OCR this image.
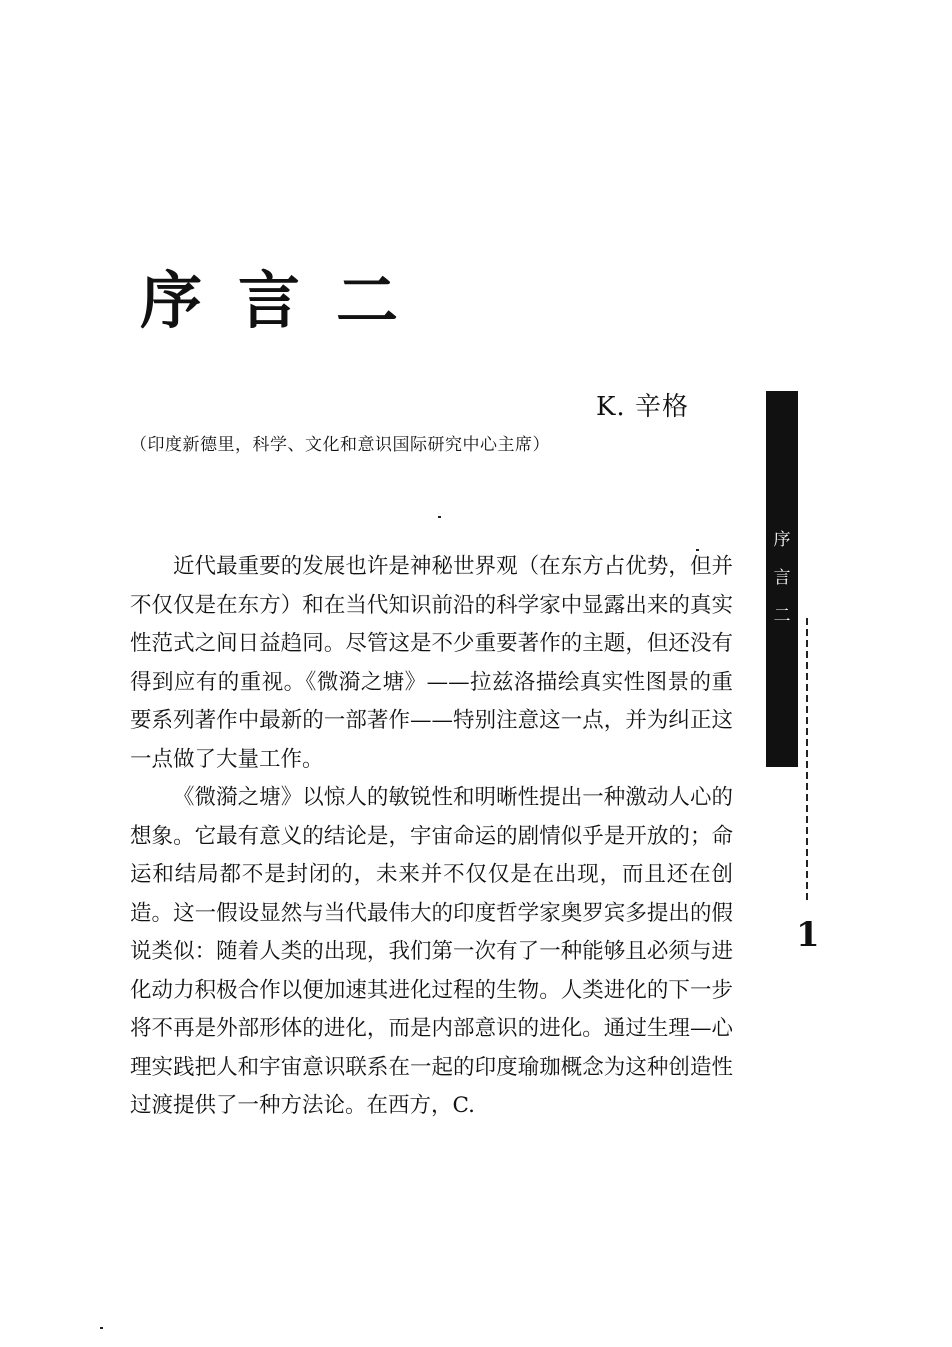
序言二
K. 辛格
（印度新德里，科学、文化和意识国际研究中心主席）

近代最重要的发展也许是神秘世界观（在东方占优势，但并不仅仅是在东方）和在当代知识前沿的科学家中显露出来的真实性范式之间日益趋同。尽管这是不少重要著作的主题，但还没有得到应有的重视。《微漪之塘》——拉兹洛描绘真实性图景的重要系列著作中最新的一部著作——特别注意这一点，并为纠正这一点做了大量工作。

《微漪之塘》以惊人的敏锐性和明晰性提出一种激动人心的想象。它最有意义的结论是，宇宙命运的剧情似乎是开放的；命运和结局都不是封闭的，未来并不仅仅是在出现，而且还在创造。这一假设显然与当代最伟大的印度哲学家奥罗宾多提出的假说类似：随着人类的出现，我们第一次有了一种能够且必须与进化动力积极合作以便加速其进化过程的生物。人类进化的下一步将不再是外部形体的进化，而是内部意识的进化。通过生理—心理实践把人和宇宙意识联系在一起的印度瑜珈概念为这种创造性过渡提供了一种方法论。在西方，C.

序
言
二
1
